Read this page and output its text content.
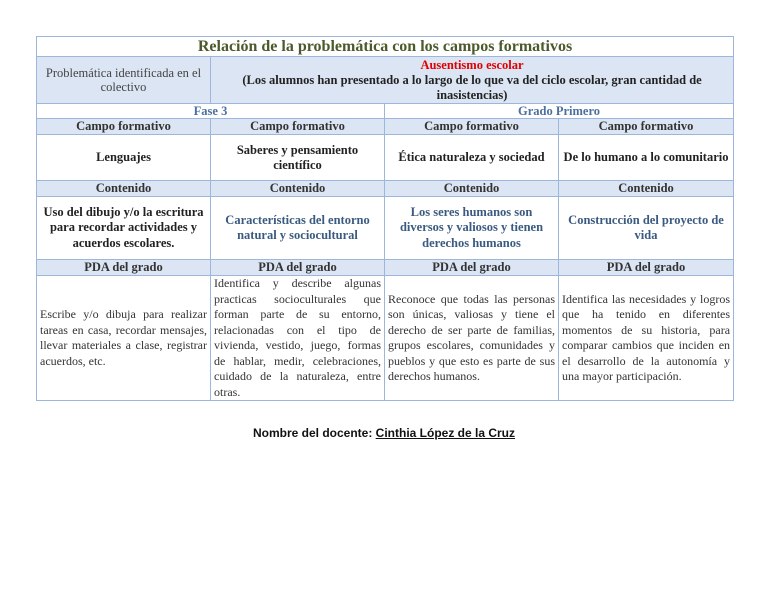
Relación de la problemática con los campos formativos			
Problemática identificada en el colectivo	Ausentismo escolar
(Los alumnos han presentado a lo largo de lo que va del ciclo escolar, gran cantidad de inasistencias)		

Fase 3		Grado Primero	
Campo formativo	Campo formativo	Campo formativo	Campo formativo
Lenguajes	Saberes y pensamiento científico	Ética naturaleza y sociedad	De lo humano a lo comunitario
Contenido	Contenido	Contenido	Contenido
Uso del dibujo y/o la escritura para recordar actividades y acuerdos escolares.	Características del entorno natural y sociocultural	Los seres humanos son diversos y valiosos y tienen derechos humanos	Construcción del proyecto de vida
PDA del grado	PDA del grado	PDA del grado	PDA del grado
Escribe y/o dibuja para realizar tareas en casa, recordar mensajes, llevar materiales a clase, registrar acuerdos, etc.	Identifica y describe algunas practicas socioculturales que forman parte de su entorno, relacionadas con el tipo de vivienda, vestido, juego, formas de hablar, medir, celebraciones, cuidado de la naturaleza, entre otras.	Reconoce que todas las personas son únicas, valiosas y tiene el derecho de ser parte de familias, grupos escolares, comunidades y pueblos y que esto es parte de sus derechos humanos.	Identifica las necesidades y logros que ha tenido en diferentes momentos de su historia, para comparar cambios que inciden en el desarrollo de la autonomía y una mayor participación.
Nombre del docente: Cinthia López de la Cruz
